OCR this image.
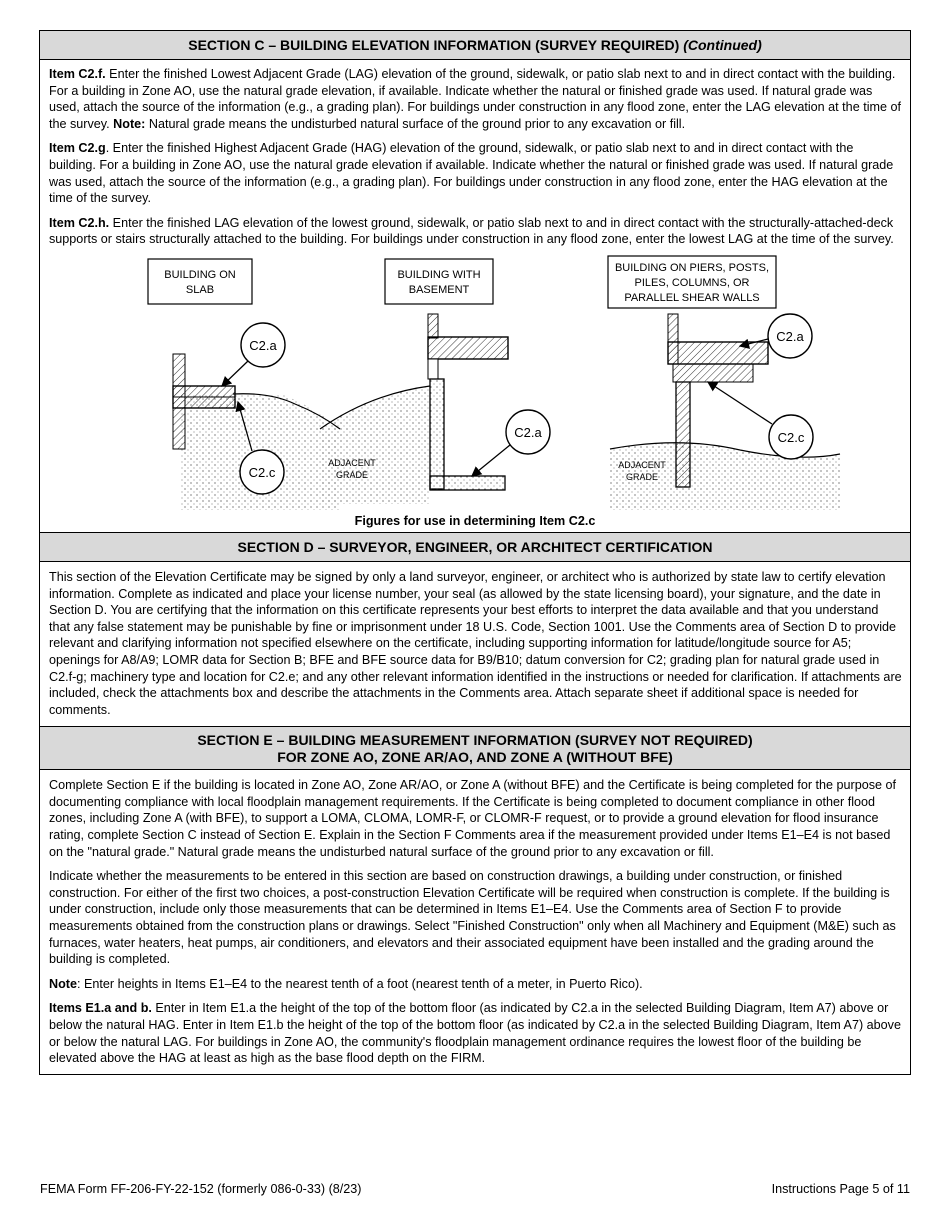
SECTION C – BUILDING ELEVATION INFORMATION (SURVEY REQUIRED) (Continued)

Item C2.f. Enter the finished Lowest Adjacent Grade (LAG) elevation of the ground, sidewalk, or patio slab next to and in direct contact with the building. For a building in Zone AO, use the natural grade elevation, if available. Indicate whether the natural or finished grade was used. If natural grade was used, attach the source of the information (e.g., a grading plan). For buildings under construction in any flood zone, enter the LAG elevation at the time of the survey. Note: Natural grade means the undisturbed natural surface of the ground prior to any excavation or fill.

Item C2.g. Enter the finished Highest Adjacent Grade (HAG) elevation of the ground, sidewalk, or patio slab next to and in direct contact with the building. For a building in Zone AO, use the natural grade elevation if available. Indicate whether the natural or finished grade was used. If natural grade was used, attach the source of the information (e.g., a grading plan). For buildings under construction in any flood zone, enter the HAG elevation at the time of the survey.

Item C2.h. Enter the finished LAG elevation of the lowest ground, sidewalk, or patio slab next to and in direct contact with the structurally-attached-deck supports or stairs structurally attached to the building. For buildings under construction in any flood zone, enter the lowest LAG at the time of the survey.

BUILDING ON
SLAB
C2.a
C2.c
BUILDING WITH
BASEMENT
ADJACENT
GRADE
C2.a
BUILDING ON PIERS, POSTS,
PILES, COLUMNS, OR
PARALLEL SHEAR WALLS
ADJACENT
GRADE
C2.a
C2.c
Figures for use in determining Item C2.c
SECTION D – SURVEYOR, ENGINEER, OR ARCHITECT CERTIFICATION

This section of the Elevation Certificate may be signed by only a land surveyor, engineer, or architect who is authorized by state law to certify elevation information. Complete as indicated and place your license number, your seal (as allowed by the state licensing board), your signature, and the date in Section D. You are certifying that the information on this certificate represents your best efforts to interpret the data available and that you understand that any false statement may be punishable by fine or imprisonment under 18 U.S. Code, Section 1001. Use the Comments area of Section D to provide relevant and clarifying information not specified elsewhere on the certificate, including supporting information for latitude/longitude source for A5; openings for A8/A9; LOMR data for Section B; BFE and BFE source data for B9/B10; datum conversion for C2; grading plan for natural grade used in C2.f-g; machinery type and location for C2.e; and any other relevant information identified in the instructions or needed for clarification. If attachments are included, check the attachments box and describe the attachments in the Comments area. Attach separate sheet if additional space is needed for comments.

SECTION E – BUILDING MEASUREMENT INFORMATION (SURVEY NOT REQUIRED)
FOR ZONE AO, ZONE AR/AO, AND ZONE A (WITHOUT BFE)

Complete Section E if the building is located in Zone AO, Zone AR/AO, or Zone A (without BFE) and the Certificate is being completed for the purpose of documenting compliance with local floodplain management requirements. If the Certificate is being completed to document compliance in other flood zones, including Zone A (with BFE), to support a LOMA, CLOMA, LOMR-F, or CLOMR-F request, or to provide a ground elevation for flood insurance rating, complete Section C instead of Section E. Explain in the Section F Comments area if the measurement provided under Items E1–E4 is not based on the "natural grade." Natural grade means the undisturbed natural surface of the ground prior to any excavation or fill.

Indicate whether the measurements to be entered in this section are based on construction drawings, a building under construction, or finished construction. For either of the first two choices, a post-construction Elevation Certificate will be required when construction is complete. If the building is under construction, include only those measurements that can be determined in Items E1–E4. Use the Comments area of Section F to provide measurements obtained from the construction plans or drawings. Select "Finished Construction" only when all Machinery and Equipment (M&E) such as furnaces, water heaters, heat pumps, air conditioners, and elevators and their associated equipment have been installed and the grading around the building is completed.

Note: Enter heights in Items E1–E4 to the nearest tenth of a foot (nearest tenth of a meter, in Puerto Rico).

Items E1.a and b. Enter in Item E1.a the height of the top of the bottom floor (as indicated by C2.a in the selected Building Diagram, Item A7) above or below the natural HAG. Enter in Item E1.b the height of the top of the bottom floor (as indicated by C2.a in the selected Building Diagram, Item A7) above or below the natural LAG. For buildings in Zone AO, the community's floodplain management ordinance requires the lowest floor of the building be elevated above the HAG at least as high as the base flood depth on the FIRM.

FEMA Form FF-206-FY-22-152 (formerly 086-0-33) (8/23)	Instructions Page 5 of 11
